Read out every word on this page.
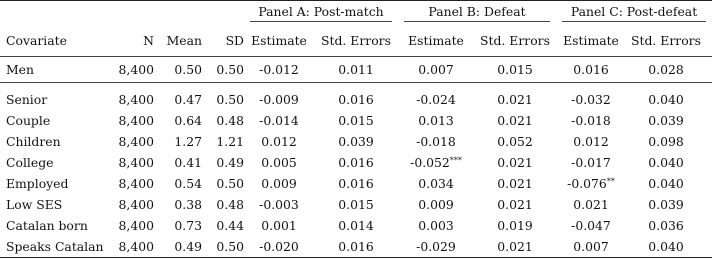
				Panel A: Post-match		Panel B: Defeat		Panel C: Post-defeat	

Covariate	N	Mean	SD	Estimate	Std. Errors	Estimate	Std. Errors	Estimate	Std. Errors
Men	8,400	0.50	0.50	-0.012	0.011	0.007	0.015	0.016	0.028

Senior	8,400	0.47	0.50	-0.009	0.016	-0.024	0.021	-0.032	0.040
Couple	8,400	0.64	0.48	-0.014	0.015	0.013	0.021	-0.018	0.039
Children	8,400	1.27	1.21	0.012	0.039	-0.018	0.052	0.012	0.098
College	8,400	0.41	0.49	0.005	0.016	-0.052***	0.021	-0.017	0.040
Employed	8,400	0.54	0.50	0.009	0.016	0.034	0.021	-0.076**	0.040
Low SES	8,400	0.38	0.48	-0.003	0.015	0.009	0.021	0.021	0.039
Catalan born	8,400	0.73	0.44	0.001	0.014	0.003	0.019	-0.047	0.036
Speaks Catalan	8,400	0.49	0.50	-0.020	0.016	-0.029	0.021	0.007	0.040
